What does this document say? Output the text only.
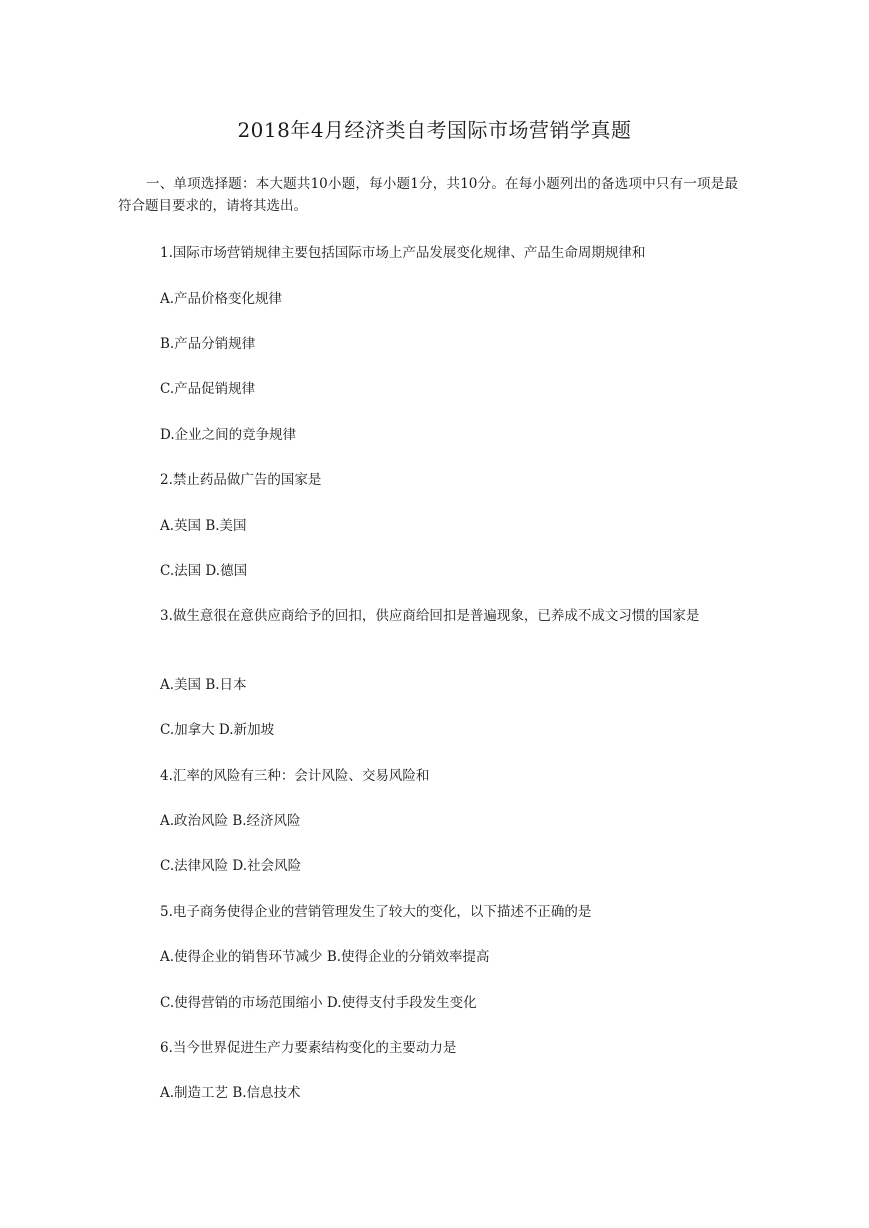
2018年4月经济类自考国际市场营销学真题

一、单项选择题：本大题共10小题，每小题1分，共10分。在每小题列出的备选项中只有一项是最符合题目要求的，请将其选出。

1.国际市场营销规律主要包括国际市场上产品发展变化规律、产品生命周期规律和

A.产品价格变化规律

B.产品分销规律

C.产品促销规律

D.企业之间的竞争规律

2.禁止药品做广告的国家是

A.英国 B.美国

C.法国 D.德国

3.做生意很在意供应商给予的回扣，供应商给回扣是普遍现象，已养成不成文习惯的国家是

A.美国 B.日本

C.加拿大 D.新加坡

4.汇率的风险有三种：会计风险、交易风险和

A.政治风险 B.经济风险

C.法律风险 D.社会风险

5.电子商务使得企业的营销管理发生了较大的变化，以下描述不正确的是

A.使得企业的销售环节减少 B.使得企业的分销效率提高

C.使得营销的市场范围缩小 D.使得支付手段发生变化

6.当今世界促进生产力要素结构变化的主要动力是

A.制造工艺 B.信息技术
